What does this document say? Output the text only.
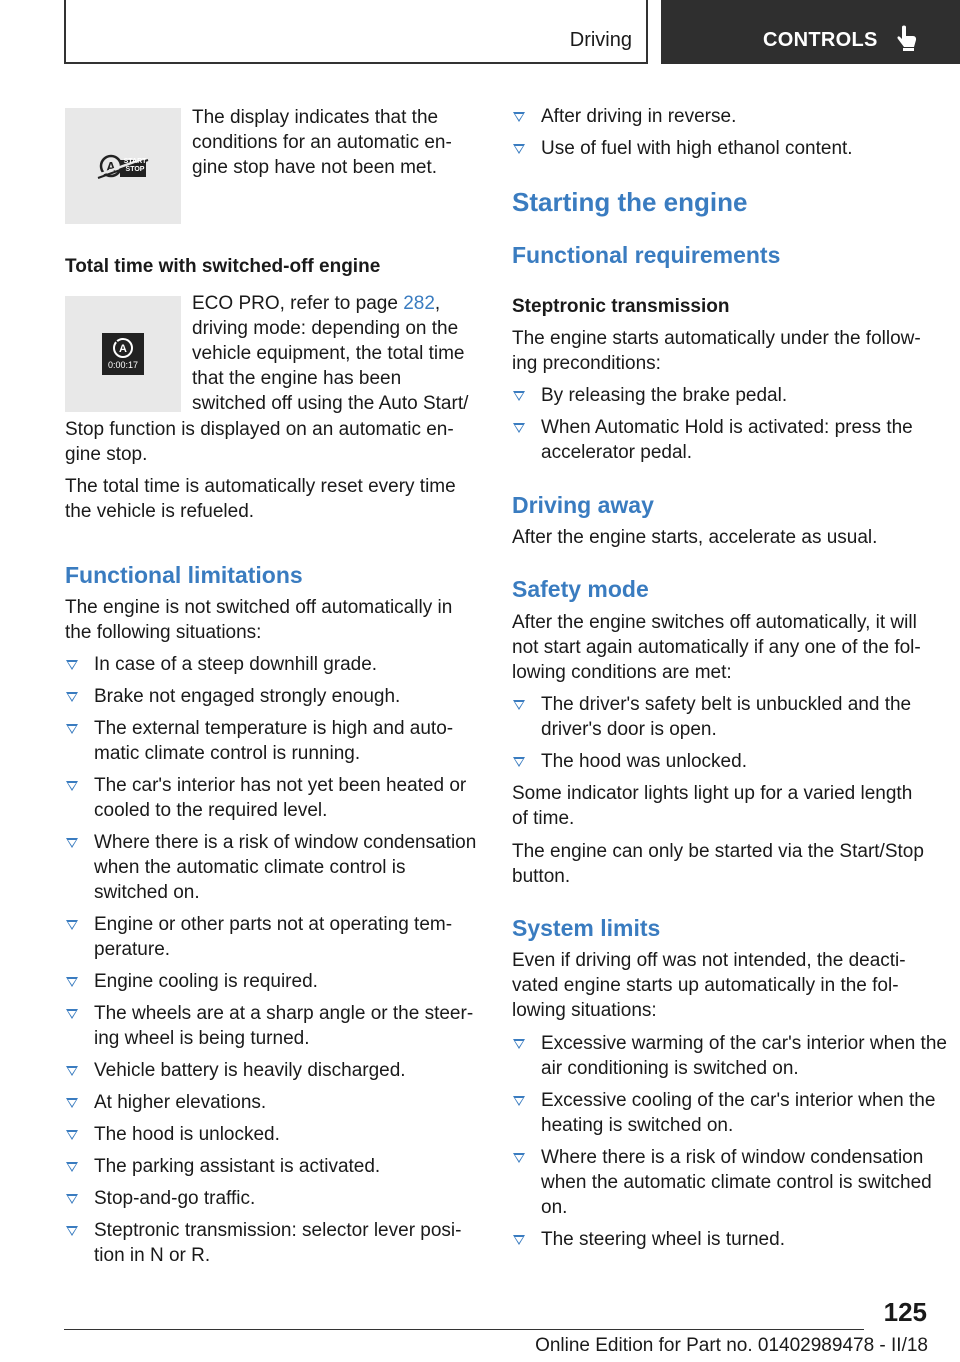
Driving	CONTROLS
A START STOP

The display indicates that the conditions for an automatic en- gine stop have not been met.

Total time with switched-off engine

A
0:00:17
ECO PRO, refer to page 282,
driving mode: depending on the
vehicle equipment, the total time
that the engine has been
switched off using the Auto Start/

Stop function is displayed on an automatic en- gine stop.

The total time is automatically reset every time the vehicle is refueled.

Functional limitations

The engine is not switched off automatically in the following situations:

In case of a steep downhill grade.
Brake not engaged strongly enough.
The external temperature is high and auto- matic climate control is running.
The car's interior has not yet been heated or cooled to the required level.
Where there is a risk of window condensation when the automatic climate control is switched on.
Engine or other parts not at operating tem- perature.
Engine cooling is required.
The wheels are at a sharp angle or the steer- ing wheel is being turned.
Vehicle battery is heavily discharged.
At higher elevations.
The hood is unlocked.
The parking assistant is activated.
Stop-and-go traffic.
Steptronic transmission: selector lever posi- tion in N or R.
After driving in reverse.
Use of fuel with high ethanol content.

Starting the engine

Functional requirements

Steptronic transmission

The engine starts automatically under the follow- ing preconditions:

By releasing the brake pedal.
When Automatic Hold is activated: press the accelerator pedal.

Driving away

After the engine starts, accelerate as usual.

Safety mode

After the engine switches off automatically, it will not start again automatically if any one of the fol- lowing conditions are met:

The driver's safety belt is unbuckled and the driver's door is open.
The hood was unlocked.

Some indicator lights light up for a varied length of time.

The engine can only be started via the Start/Stop button.

System limits

Even if driving off was not intended, the deacti- vated engine starts up automatically in the fol- lowing situations:

Excessive warming of the car's interior when the air conditioning is switched on.
Excessive cooling of the car's interior when the heating is switched on.
Where there is a risk of window condensation when the automatic climate control is switched on.
The steering wheel is turned.
125
Online Edition for Part no. 01402989478 - II/18
